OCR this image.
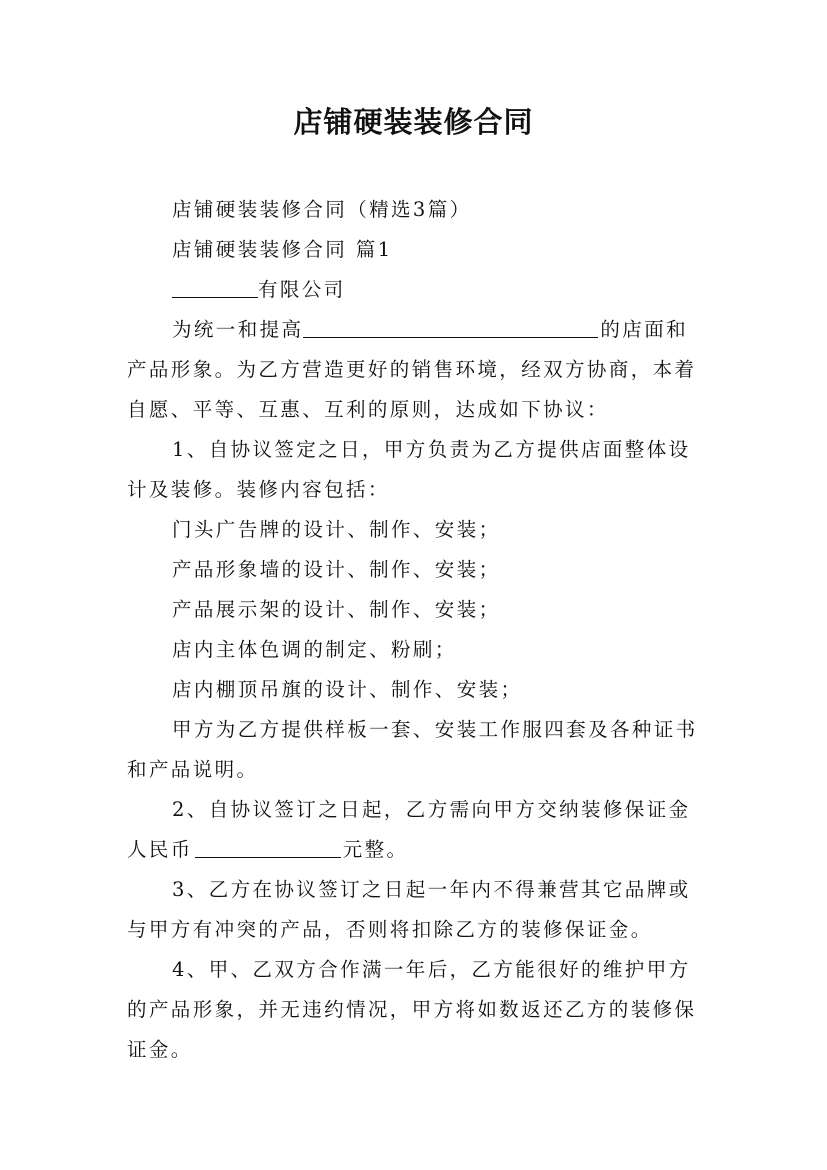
店铺硬装装修合同
店铺硬装装修合同（精选3篇）
店铺硬装装修合同 篇1
有限公司
为统一和提高	的店面和
产品形象。为乙方营造更好的销售环境，经双方协商，本着
自愿、平等、互惠、互利的原则，达成如下协议：
1、自协议签定之日，甲方负责为乙方提供店面整体设
计及装修。装修内容包括：
门头广告牌的设计、制作、安装；
产品形象墙的设计、制作、安装；
产品展示架的设计、制作、安装；
店内主体色调的制定、粉刷；
店内棚顶吊旗的设计、制作、安装；
甲方为乙方提供样板一套、安装工作服四套及各种证书
和产品说明。
2、自协议签订之日起，乙方需向甲方交纳装修保证金
人民币	元整。
3、乙方在协议签订之日起一年内不得兼营其它品牌或
与甲方有冲突的产品，否则将扣除乙方的装修保证金。
4、甲、乙双方合作满一年后，乙方能很好的维护甲方
的产品形象，并无违约情况，甲方将如数返还乙方的装修保
证金。
